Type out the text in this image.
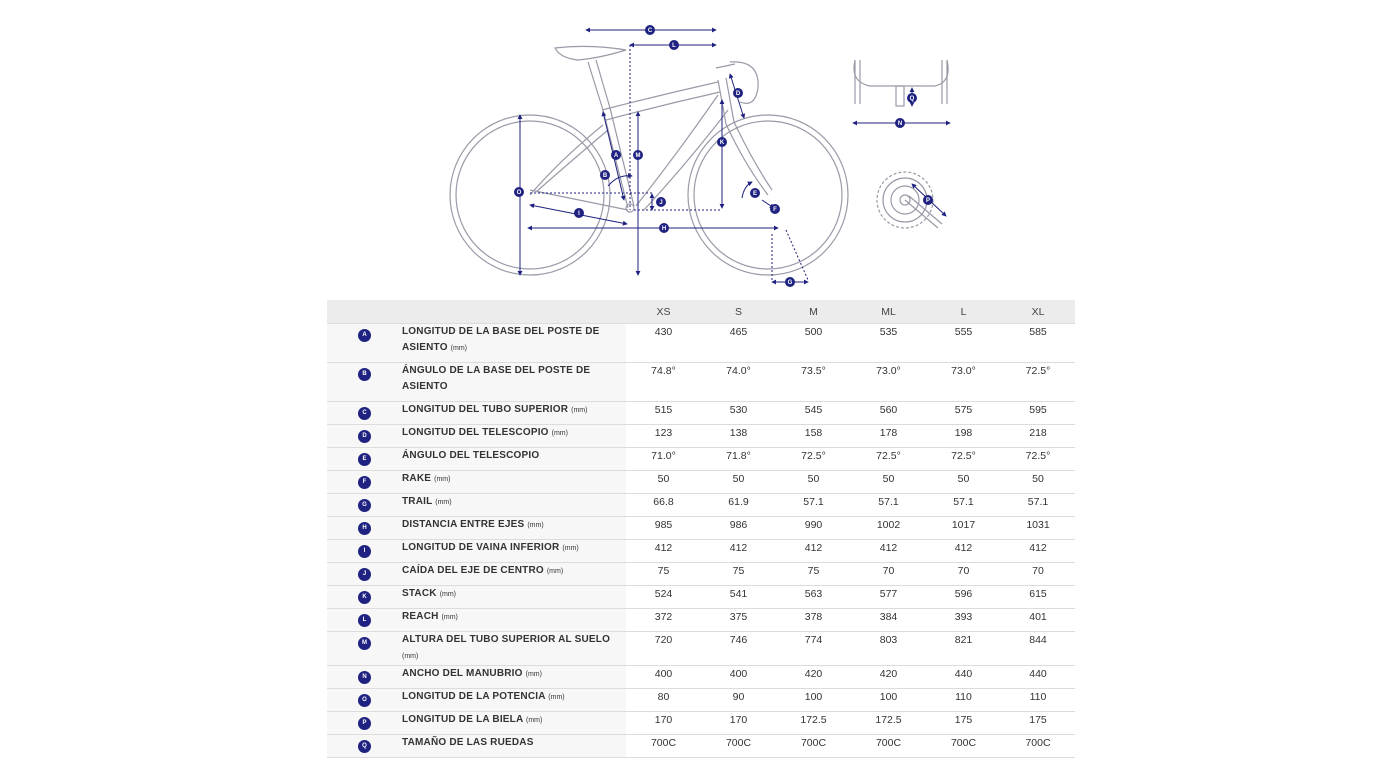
C
L
D
A	M
K
B
O	E
J
F
I
H
G
Q
N
P
		XS	S	M	ML	L	XL
A	LONGITUD DE LA BASE DEL POSTE DE ASIENTO (mm)	430	465	500	535	555	585
B	ÁNGULO DE LA BASE DEL POSTE DE ASIENTO	74.8°	74.0°	73.5°	73.0°	73.0°	72.5°
C	LONGITUD DEL TUBO SUPERIOR (mm)	515	530	545	560	575	595
D	LONGITUD DEL TELESCOPIO (mm)	123	138	158	178	198	218
E	ÁNGULO DEL TELESCOPIO	71.0°	71.8°	72.5°	72.5°	72.5°	72.5°
F	RAKE (mm)	50	50	50	50	50	50
G	TRAIL (mm)	66.8	61.9	57.1	57.1	57.1	57.1
H	DISTANCIA ENTRE EJES (mm)	985	986	990	1002	1017	1031
I	LONGITUD DE VAINA INFERIOR (mm)	412	412	412	412	412	412
J	CAÍDA DEL EJE DE CENTRO (mm)	75	75	75	70	70	70
K	STACK (mm)	524	541	563	577	596	615
L	REACH (mm)	372	375	378	384	393	401
M	ALTURA DEL TUBO SUPERIOR AL SUELO (mm)	720	746	774	803	821	844
N	ANCHO DEL MANUBRIO (mm)	400	400	420	420	440	440
O	LONGITUD DE LA POTENCIA (mm)	80	90	100	100	110	110
P	LONGITUD DE LA BIELA (mm)	170	170	172.5	172.5	175	175
Q	TAMAÑO DE LAS RUEDAS	700C	700C	700C	700C	700C	700C
